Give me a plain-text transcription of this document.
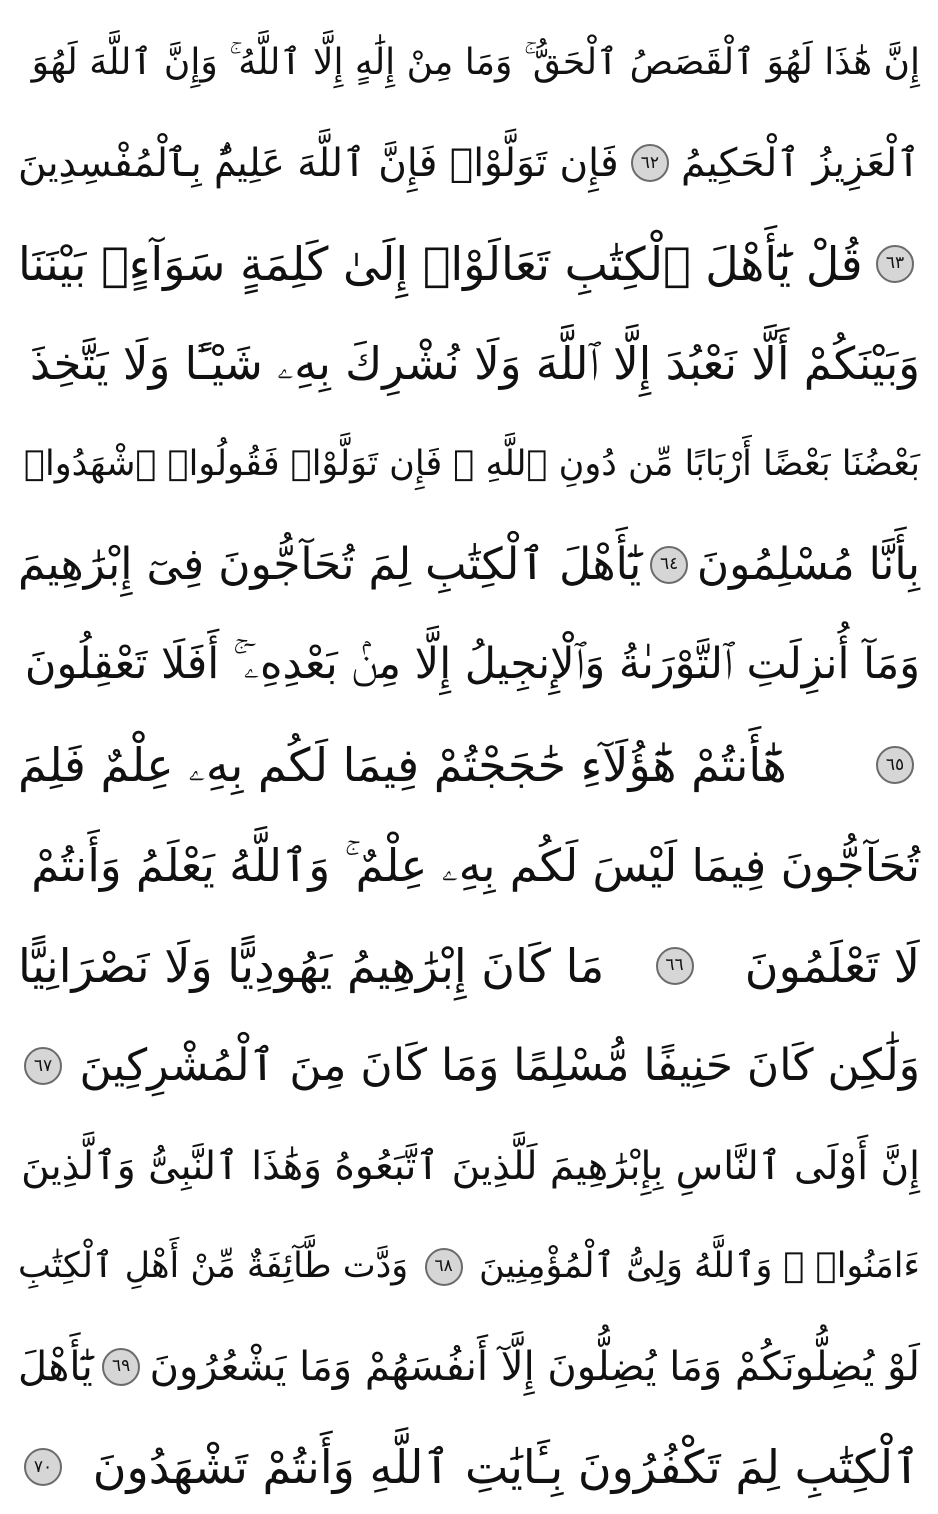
إِنَّ هَٰذَا لَهُوَ ٱلْقَصَصُ ٱلْحَقُّ ۚ وَمَا مِنْ إِلَٰهٍ إِلَّا ٱللَّهُ ۚ وَإِنَّ ٱللَّهَ لَهُوَ
ٱلْعَزِيزُ ٱلْحَكِيمُ
٦٢
فَإِن تَوَلَّوْا۟ فَإِنَّ ٱللَّهَ عَلِيمٌۢ بِٱلْمُفْسِدِينَ
٦٣
قُلْ يَٰٓأَهْلَ ٱلْكِتَٰبِ تَعَالَوْا۟ إِلَىٰ كَلِمَةٍ سَوَآءٍۭ بَيْنَنَا
وَبَيْنَكُمْ أَلَّا نَعْبُدَ إِلَّا ٱللَّهَ وَلَا نُشْرِكَ بِهِۦ شَيْـًٔا وَلَا يَتَّخِذَ
بَعْضُنَا بَعْضًا أَرْبَابًا مِّن دُونِ ٱللَّهِ ۚ فَإِن تَوَلَّوْا۟ فَقُولُوا۟ ٱشْهَدُوا۟
بِأَنَّا مُسْلِمُونَ
٦٤
يَٰٓأَهْلَ ٱلْكِتَٰبِ لِمَ تُحَآجُّونَ فِىٓ إِبْرَٰهِيمَ
وَمَآ أُنزِلَتِ ٱلتَّوْرَىٰةُ وَٱلْإِنجِيلُ إِلَّا مِنۢ بَعْدِهِۦٓ ۚ أَفَلَا تَعْقِلُونَ
٦٥
هَٰٓأَنتُمْ هَٰٓؤُلَآءِ حَٰجَجْتُمْ فِيمَا لَكُم بِهِۦ عِلْمٌ فَلِمَ
تُحَآجُّونَ فِيمَا لَيْسَ لَكُم بِهِۦ عِلْمٌ ۚ وَٱللَّهُ يَعْلَمُ وَأَنتُمْ
لَا تَعْلَمُونَ
٦٦
مَا كَانَ إِبْرَٰهِيمُ يَهُودِيًّا وَلَا نَصْرَانِيًّا
وَلَٰكِن كَانَ حَنِيفًا مُّسْلِمًا وَمَا كَانَ مِنَ ٱلْمُشْرِكِينَ
٦٧
إِنَّ أَوْلَى ٱلنَّاسِ بِإِبْرَٰهِيمَ لَلَّذِينَ ٱتَّبَعُوهُ وَهَٰذَا ٱلنَّبِىُّ وَٱلَّذِينَ
ءَامَنُوا۟ ۗ وَٱللَّهُ وَلِىُّ ٱلْمُؤْمِنِينَ
٦٨
وَدَّت طَّآئِفَةٌ مِّنْ أَهْلِ ٱلْكِتَٰبِ
لَوْ يُضِلُّونَكُمْ وَمَا يُضِلُّونَ إِلَّآ أَنفُسَهُمْ وَمَا يَشْعُرُونَ
٦٩
يَٰٓأَهْلَ
ٱلْكِتَٰبِ لِمَ تَكْفُرُونَ بِـَٔايَٰتِ ٱللَّهِ وَأَنتُمْ تَشْهَدُونَ
٧٠
